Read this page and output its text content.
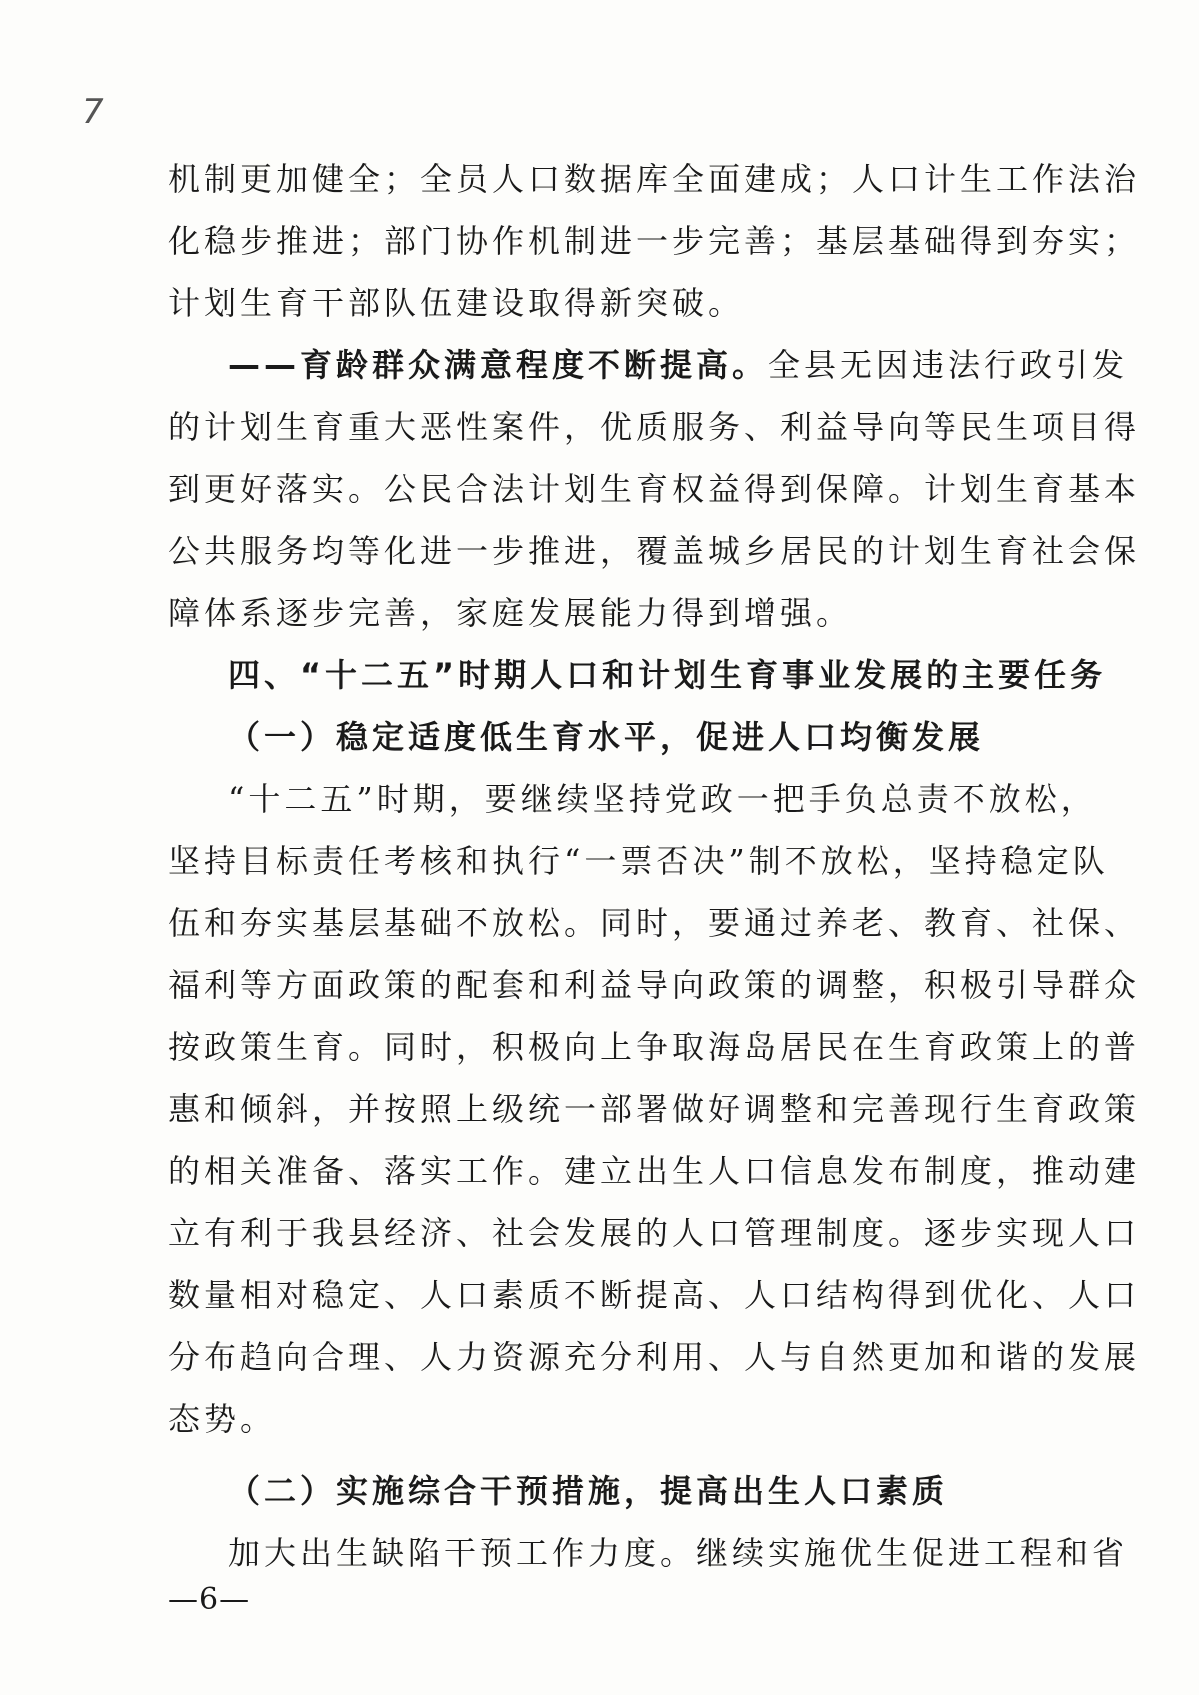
7
机制更加健全；全员人口数据库全面建成；人口计生工作法治
化稳步推进；部门协作机制进一步完善；基层基础得到夯实；
计划生育干部队伍建设取得新突破。
——育龄群众满意程度不断提高。全县无因违法行政引发
的计划生育重大恶性案件，优质服务、利益导向等民生项目得
到更好落实。公民合法计划生育权益得到保障。计划生育基本
公共服务均等化进一步推进，覆盖城乡居民的计划生育社会保
障体系逐步完善，家庭发展能力得到增强。
四、“十二五”时期人口和计划生育事业发展的主要任务
（一）稳定适度低生育水平，促进人口均衡发展
“十二五”时期，要继续坚持党政一把手负总责不放松，
坚持目标责任考核和执行“一票否决”制不放松，坚持稳定队
伍和夯实基层基础不放松。同时，要通过养老、教育、社保、
福利等方面政策的配套和利益导向政策的调整，积极引导群众
按政策生育。同时，积极向上争取海岛居民在生育政策上的普
惠和倾斜，并按照上级统一部署做好调整和完善现行生育政策
的相关准备、落实工作。建立出生人口信息发布制度，推动建
立有利于我县经济、社会发展的人口管理制度。逐步实现人口
数量相对稳定、人口素质不断提高、人口结构得到优化、人口
分布趋向合理、人力资源充分利用、人与自然更加和谐的发展
态势。
（二）实施综合干预措施，提高出生人口素质
加大出生缺陷干预工作力度。继续实施优生促进工程和省
—6—
